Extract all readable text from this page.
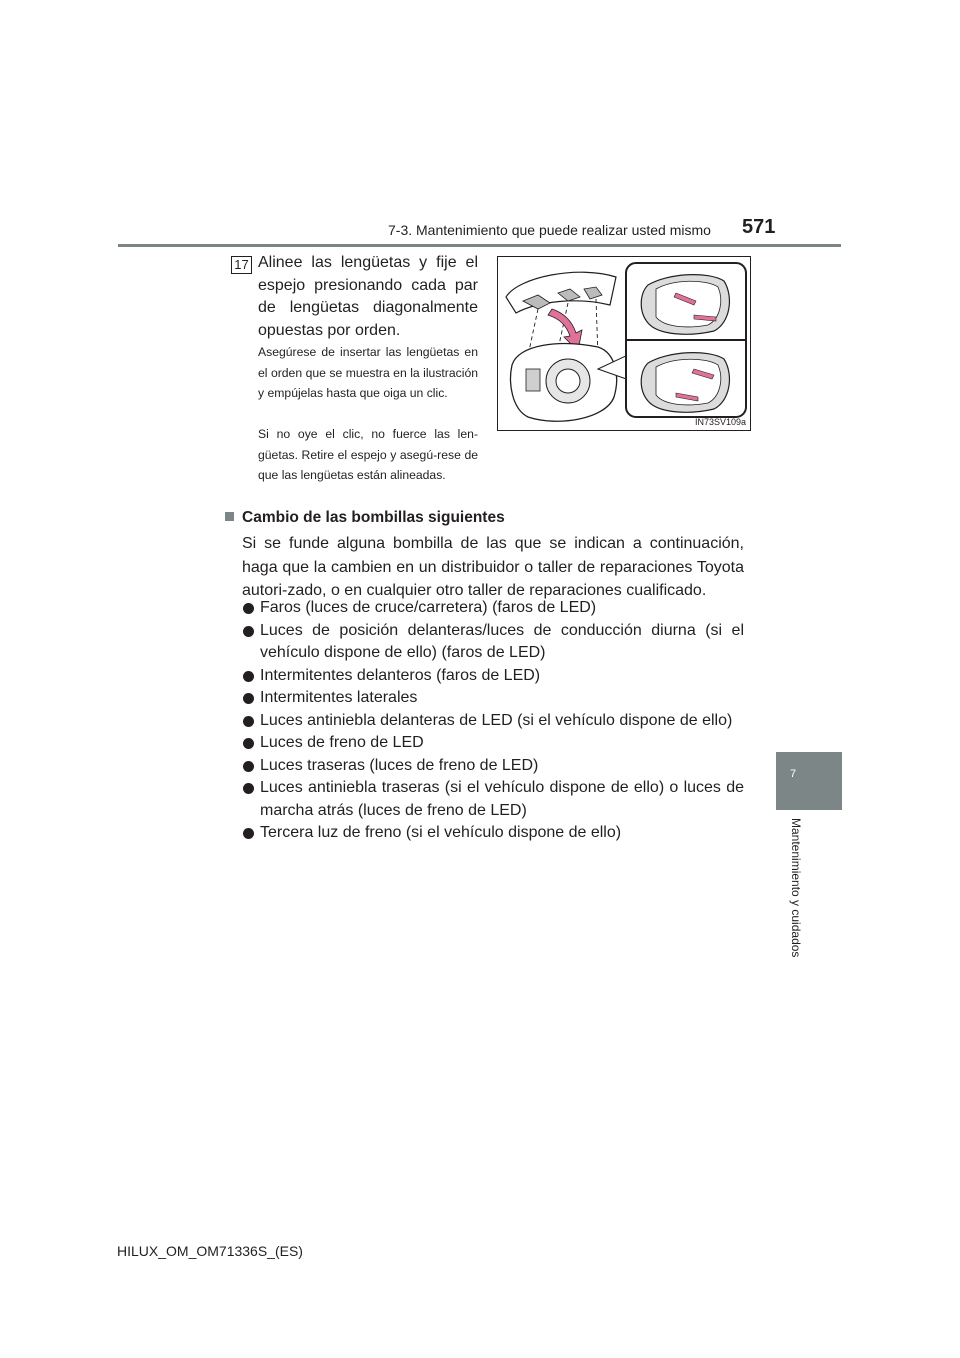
7-3. Mantenimiento que puede realizar usted mismo 571
7
Mantenimiento y cuidados
17 Alinee las lengüetas y fije el espejo presionando cada par de lengüetas diagonalmente opuestas por orden.

Asegúrese de insertar las lengüetas en el orden que se muestra en la ilustración y empújelas hasta que oiga un clic.

Si no oye el clic, no fuerce las len-güetas. Retire el espejo y asegú-rese de que las lengüetas están alineadas.

IN73SV109a

Cambio de las bombillas siguientes

Si se funde alguna bombilla de las que se indican a continuación, haga que la cambien en un distribuidor o taller de reparaciones Toyota autori-zado, o en cualquier otro taller de reparaciones cualificado.

Faros (luces de cruce/carretera) (faros de LED)
Luces de posición delanteras/luces de conducción diurna (si el vehículo dispone de ello) (faros de LED)
Intermitentes delanteros (faros de LED)
Intermitentes laterales
Luces antiniebla delanteras de LED (si el vehículo dispone de ello)
Luces de freno de LED
Luces traseras (luces de freno de LED)
Luces antiniebla traseras (si el vehículo dispone de ello) o luces de marcha atrás (luces de freno de LED)
Tercera luz de freno (si el vehículo dispone de ello)
HILUX_OM_OM71336S_(ES)
